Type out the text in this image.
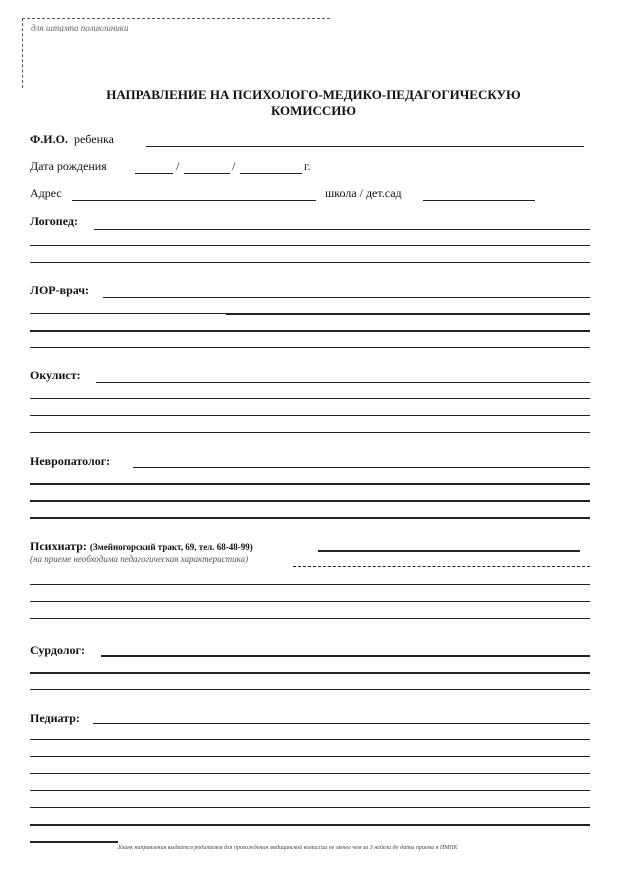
для штампа поликлиники
НАПРАВЛЕНИЕ НА ПСИХОЛОГО-МЕДИКО-ПЕДАГОГИЧЕСКУЮ
КОМИССИЮ
Ф.И.О. ребенка
Дата рождения	/	/	г.
Адрес	школа / дет.сад
Логопед:
ЛОР-врач:
Окулист:
Невропатолог:
Психиатр: (Змейногорский тракт, 69, тел. 68-48-99)
(на приеме необходима педагогическая характеристика)
Сурдолог:
Педиатр:
Бланк направления выдается родителям для прохождения медицинской комиссии не менее чем за 3 недели до даты приема в ПМПК
